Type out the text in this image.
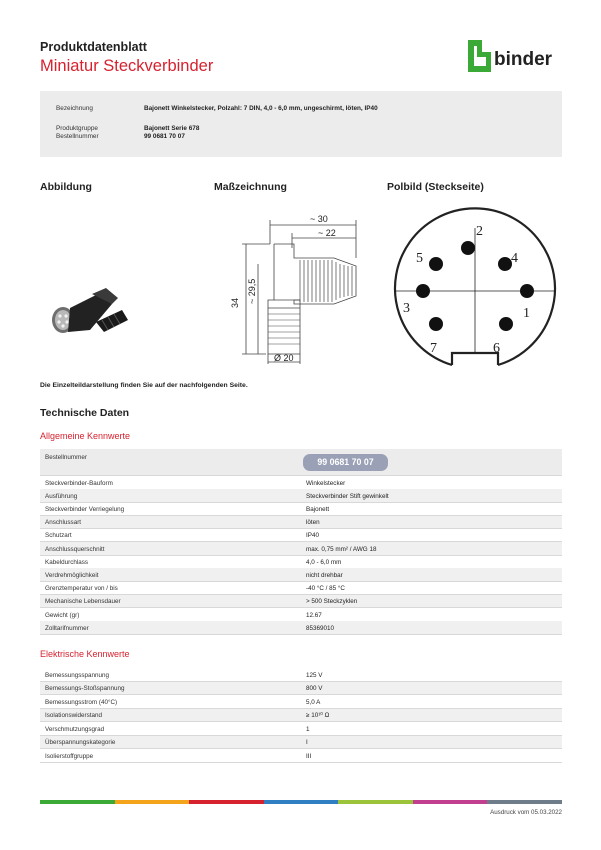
Produktdatenblatt
Miniatur Steckverbinder	binder
Bezeichnung	Bajonett Winkelstecker, Polzahl: 7 DIN, 4,0 - 6,0 mm, ungeschirmt, löten, IP40
Produktgruppe	Bajonett Serie 678
Bestellnummer	99 0681 70 07
Abbildung	Maßzeichnung	Polbild (Steckseite)
~ 30
~ 22
34 ~ 29,5
Ø 20
1
2
3
4
5
6
7
Die Einzelteildarstellung finden Sie auf der nachfolgenden Seite.
Technische Daten
Allgemeine Kennwerte
Bestellnummer	99 0681 70 07
Steckverbinder-Bauform	Winkelstecker
Ausführung	Steckverbinder Stift gewinkelt
Steckverbinder Verriegelung	Bajonett
Anschlussart	löten
Schutzart	IP40
Anschlussquerschnitt	max. 0,75 mm² / AWG 18
Kabeldurchlass	4,0 - 6,0 mm
Verdrehmöglichkeit	nicht drehbar
Grenztemperatur von / bis	-40 °C / 85 °C
Mechanische Lebensdauer	> 500 Steckzyklen
Gewicht (gr)	12.67
Zolltarifnummer	85369010
Elektrische Kennwerte
Bemessungsspannung	125 V
Bemessungs-Stoßspannung	800 V
Bemessungsstrom (40°C)	5,0 A
Isolationswiderstand	≥ 10¹⁰ Ω
Verschmutzungsgrad	1
Überspannungskategorie	I
Isolierstoffgruppe	III
Ausdruck vom 05.03.2022
